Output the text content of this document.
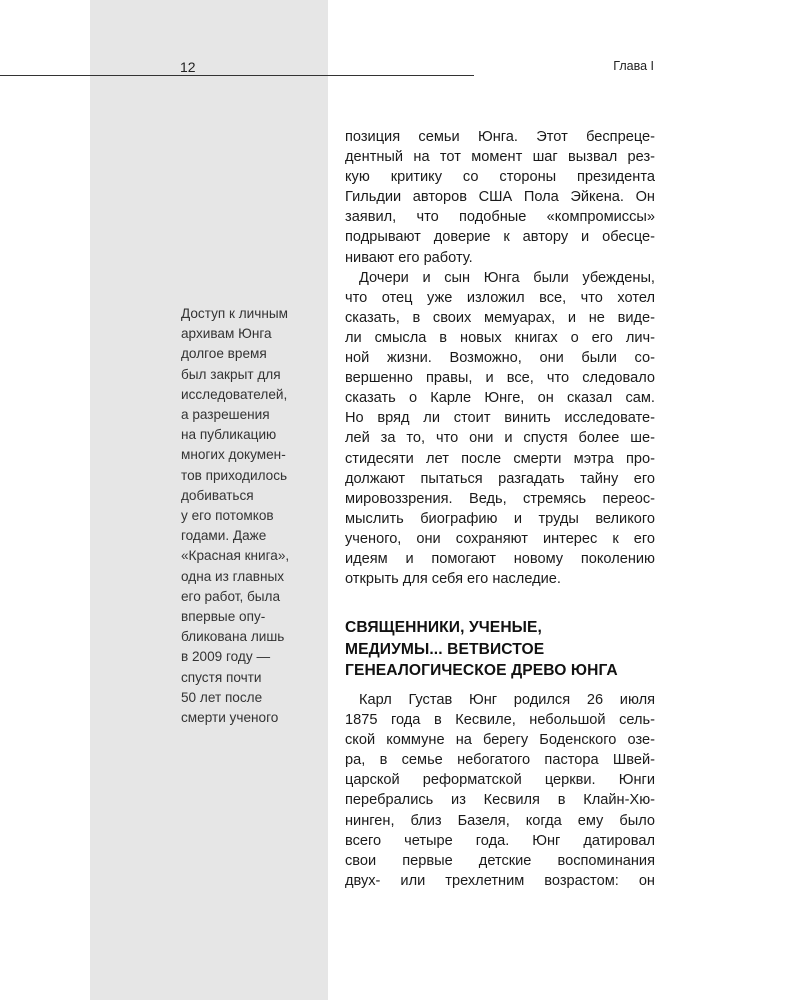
12	Глава I
Доступ к личным
архивам Юнга
долгое время
был закрыт для
исследователей,
а разрешения
на публикацию
многих докумен-
тов приходилось
добиваться
у его потомков
годами. Даже
«Красная книга»,
одна из главных
его работ, была
впервые опу-
бликована лишь
в 2009 году —
спустя почти
50 лет после
смерти ученого
позиция семьи Юнга. Этот беспреце-
дентный на тот момент шаг вызвал рез-
кую критику со стороны президента
Гильдии авторов США Пола Эйкена. Он
заявил, что подобные «компромиссы»
подрывают доверие к автору и обесце-
нивают его работу.
Дочери и сын Юнга были убеждены,
что отец уже изложил все, что хотел
сказать, в своих мемуарах, и не виде-
ли смысла в новых книгах о его лич-
ной жизни. Возможно, они были со-
вершенно правы, и все, что следовало
сказать о Карле Юнге, он сказал сам.
Но вряд ли стоит винить исследовате-
лей за то, что они и спустя более ше-
стидесяти лет после смерти мэтра про-
должают пытаться разгадать тайну его
мировоззрения. Ведь, стремясь переос-
мыслить биографию и труды великого
ученого, они сохраняют интерес к его
идеям и помогают новому поколению
открыть для себя его наследие.
СВЯЩЕННИКИ, УЧЕНЫЕ,
МЕДИУМЫ... ВЕТВИСТОЕ
ГЕНЕАЛОГИЧЕСКОЕ ДРЕВО ЮНГА
Карл Густав Юнг родился 26 июля
1875 года в Кесвиле, небольшой сель-
ской коммуне на берегу Боденского озе-
ра, в семье небогатого пастора Швей-
царской реформатской церкви. Юнги
перебрались из Кесвиля в Клайн-Хю-
нинген, близ Базеля, когда ему было
всего четыре года. Юнг датировал
свои первые детские воспоминания
двух- или трехлетним возрастом: он
